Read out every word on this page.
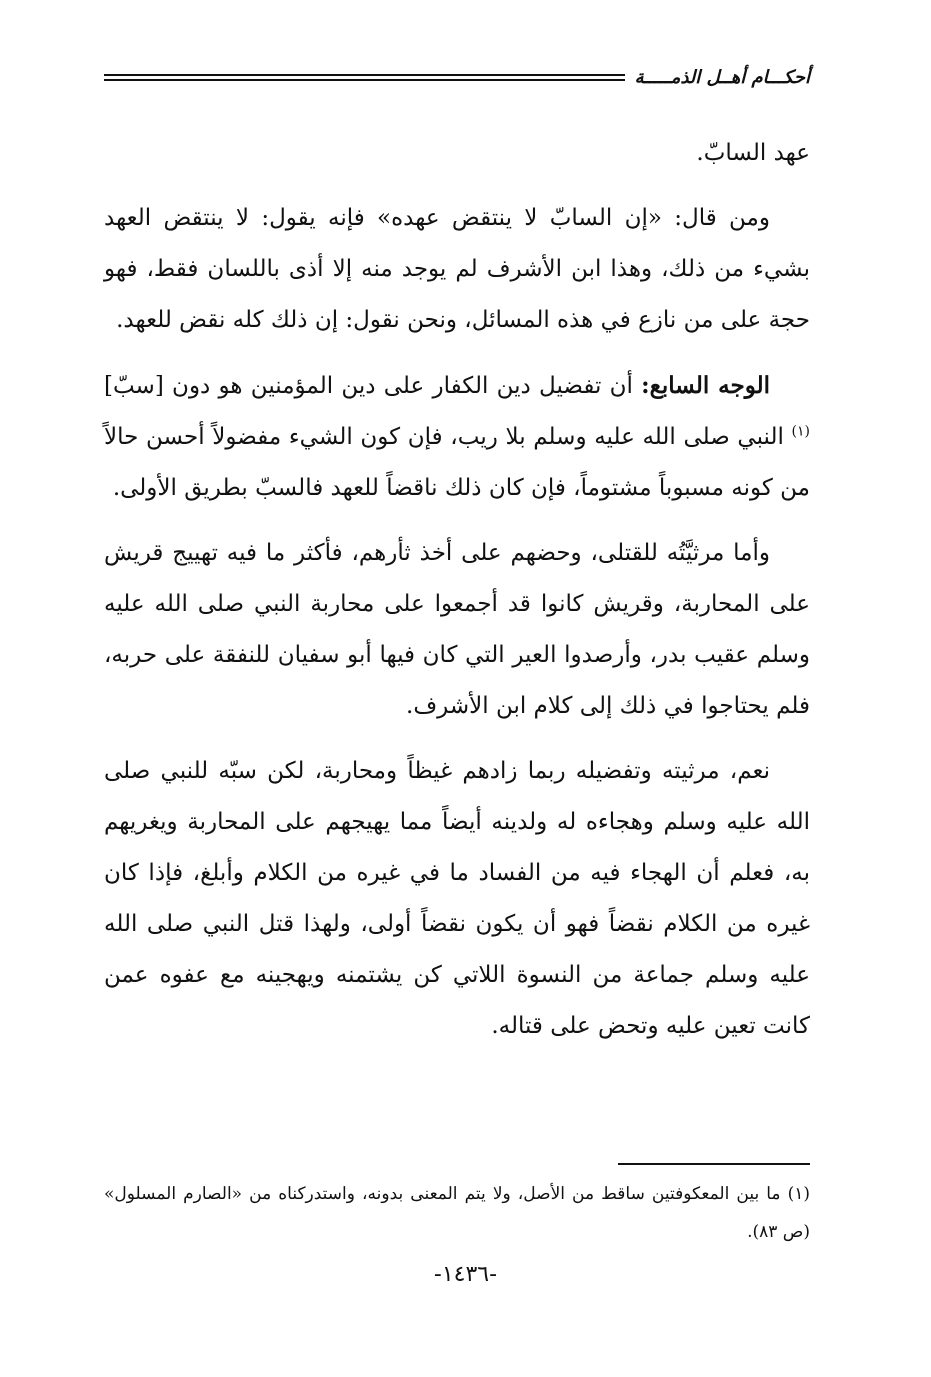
أحكـــام أهــل الذمـــــة

عهد السابّ.

ومن قال: «إن السابّ لا ينتقض عهده» فإنه يقول: لا ينتقض العهد بشيء من ذلك، وهذا ابن الأشرف لم يوجد منه إلا أذى باللسان فقط، فهو حجة على من نازع في هذه المسائل، ونحن نقول: إن ذلك كله نقض للعهد.

الوجه السابع: أن تفضيل دين الكفار على دين المؤمنين هو دون [سبّ]$^{(١)}$ النبي صلى الله عليه وسلم بلا ريب، فإن كون الشيء مفضولاً أحسن حالاً من كونه مسبوباً مشتوماً، فإن كان ذلك ناقضاً للعهد فالسبّ بطريق الأولى.

وأما مرثيَّتُه للقتلى، وحضهم على أخذ ثأرهم، فأكثر ما فيه تهييج قريش على المحاربة، وقريش كانوا قد أجمعوا على محاربة النبي صلى الله عليه وسلم عقيب بدر، وأرصدوا العير التي كان فيها أبو سفيان للنفقة على حربه، فلم يحتاجوا في ذلك إلى كلام ابن الأشرف.

نعم، مرثيته وتفضيله ربما زادهم غيظاً ومحاربة، لكن سبّه للنبي صلى الله عليه وسلم وهجاءه له ولدينه أيضاً مما يهيجهم على المحاربة ويغريهم به، فعلم أن الهجاء فيه من الفساد ما في غيره من الكلام وأبلغ، فإذا كان غيره من الكلام نقضاً فهو أن يكون نقضاً أولى، ولهذا قتل النبي صلى الله عليه وسلم جماعة من النسوة اللاتي كن يشتمنه ويهجينه مع عفوه عمن كانت تعين عليه وتحض على قتاله.

(١) ما بين المعكوفتين ساقط من الأصل، ولا يتم المعنى بدونه، واستدركناه من «الصارم المسلول» (ص ٨٣).

-١٤٣٦-
